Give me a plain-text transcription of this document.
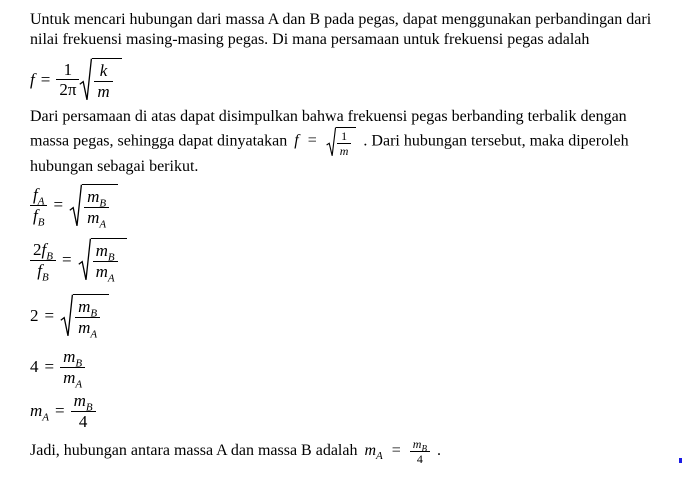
Untuk mencari hubungan dari massa A dan B pada pegas, dapat menggunakan perbandingan dari nilai frekuensi masing-masing pegas. Di mana persamaan untuk frekuensi pegas adalah

$f = \frac{1}{2\pi} \frac{k}{m}$

Dari persamaan di atas dapat disimpulkan bahwa frekuensi pegas berbanding terbalik dengan massa pegas, sehingga dapat dinyatakan $f = \frac{1}{m}$ . Dari hubungan tersebut, maka diperoleh hubungan sebagai berikut.

$\frac{f_A}{f_B} = \frac{m_B}{m_A}$
$\frac{2f_B}{f_B} = \frac{m_B}{m_A}$
$2 = \frac{m_B}{m_A}$
$4 = \frac{m_B}{m_A}$
$m_A = \frac{m_B}{4}$

Jadi, hubungan antara massa A dan massa B adalah $m_A = \frac{m_B}{4}$ .
